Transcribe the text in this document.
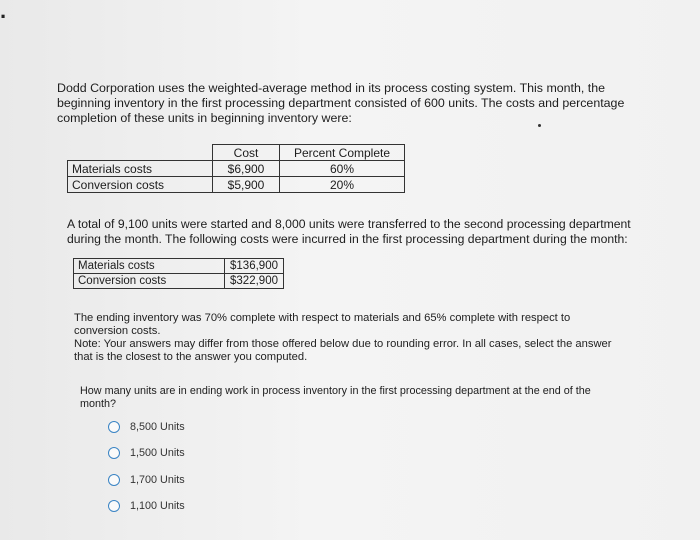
.
Dodd Corporation uses the weighted-average method in its process costing system. This month, the
beginning inventory in the first processing department consisted of 600 units. The costs and percentage
completion of these units in beginning inventory were:
	Cost	Percent Complete
Materials costs	$6,900	60%
Conversion costs	$5,900	20%
A total of 9,100 units were started and 8,000 units were transferred to the second processing department
during the month. The following costs were incurred in the first processing department during the month:
Materials costs	$136,900
Conversion costs	$322,900
The ending inventory was 70% complete with respect to materials and 65% complete with respect to
conversion costs.
Note: Your answers may differ from those offered below due to rounding error. In all cases, select the answer
that is the closest to the answer you computed.
How many units are in ending work in process inventory in the first processing department at the end of the
month?
8,500 Units
1,500 Units
1,700 Units
1,100 Units
